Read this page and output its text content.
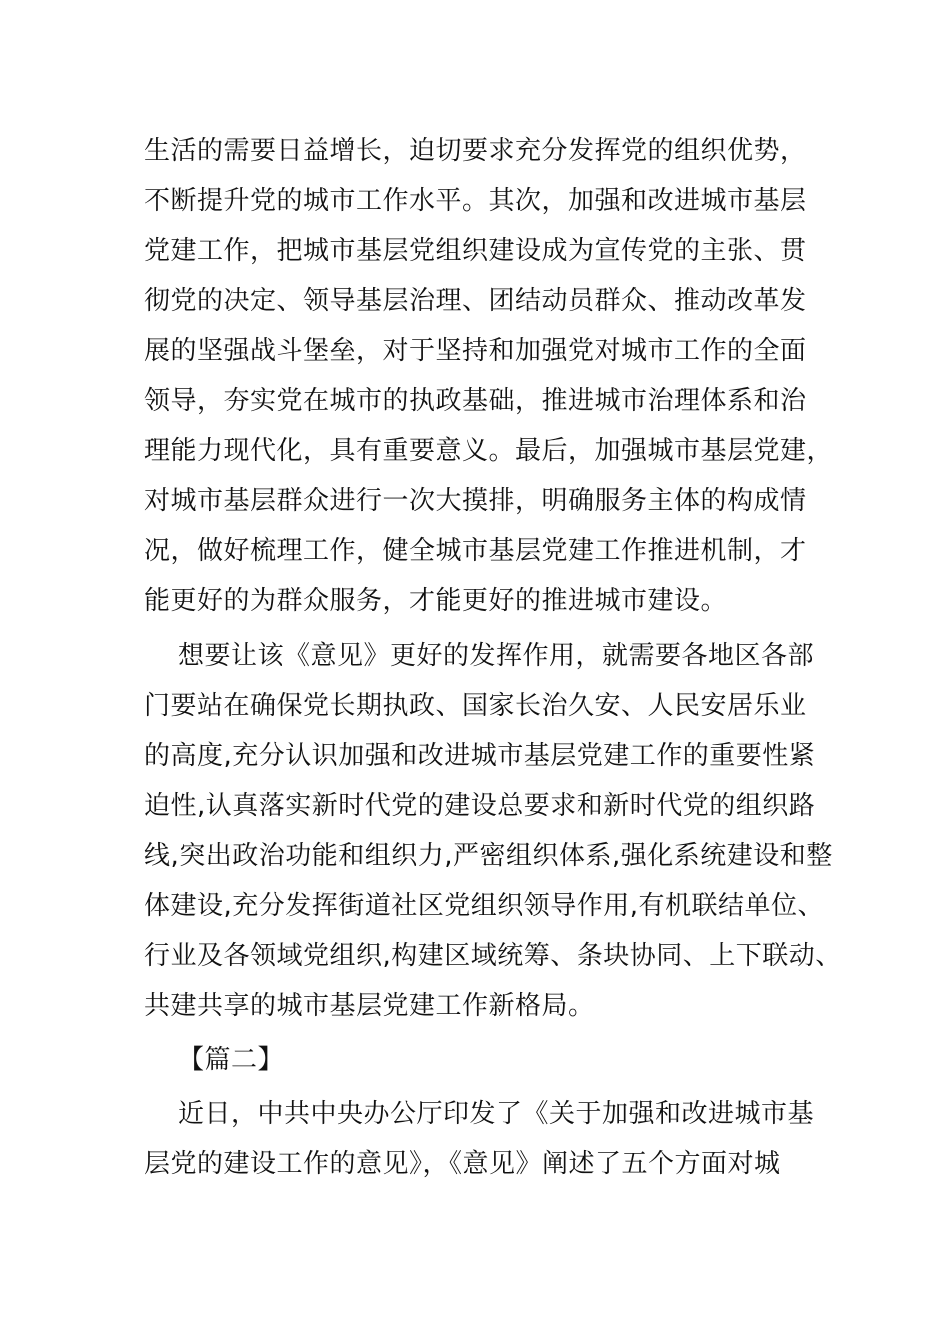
生活的需要日益增长，迫切要求充分发挥党的组织优势，
不断提升党的城市工作水平。其次，加强和改进城市基层
党建工作，把城市基层党组织建设成为宣传党的主张、贯
彻党的决定、领导基层治理、团结动员群众、推动改革发
展的坚强战斗堡垒，对于坚持和加强党对城市工作的全面
领导，夯实党在城市的执政基础，推进城市治理体系和治
理能力现代化，具有重要意义。最后，加强城市基层党建，
对城市基层群众进行一次大摸排，明确服务主体的构成情
况，做好梳理工作，健全城市基层党建工作推进机制，才
能更好的为群众服务，才能更好的推进城市建设。
想要让该《意见》更好的发挥作用，就需要各地区各部
门要站在确保党长期执政、国家长治久安、人民安居乐业
的高度,充分认识加强和改进城市基层党建工作的重要性紧
迫性,认真落实新时代党的建设总要求和新时代党的组织路
线,突出政治功能和组织力,严密组织体系,强化系统建设和整
体建设,充分发挥街道社区党组织领导作用,有机联结单位、
行业及各领域党组织,构建区域统筹、条块协同、上下联动、
共建共享的城市基层党建工作新格局。
【篇二】
近日，中共中央办公厅印发了《关于加强和改进城市基
层党的建设工作的意见》，《意见》阐述了五个方面对城
